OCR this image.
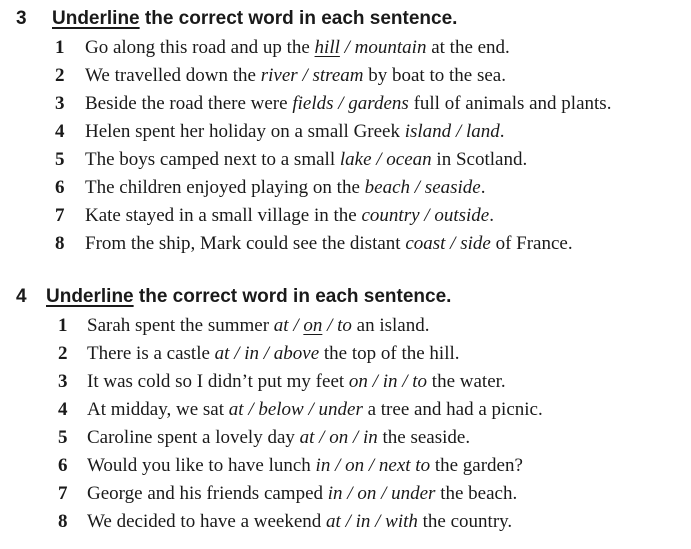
3 Underline the correct word in each sentence.
1 Go along this road and up the hill / mountain at the end.
2 We travelled down the river / stream by boat to the sea.
3 Beside the road there were fields / gardens full of animals and plants.
4 Helen spent her holiday on a small Greek island / land.
5 The boys camped next to a small lake / ocean in Scotland.
6 The children enjoyed playing on the beach / seaside.
7 Kate stayed in a small village in the country / outside.
8 From the ship, Mark could see the distant coast / side of France.
4 Underline the correct word in each sentence.
1 Sarah spent the summer at / on / to an island.
2 There is a castle at / in / above the top of the hill.
3 It was cold so I didn’t put my feet on / in / to the water.
4 At midday, we sat at / below / under a tree and had a picnic.
5 Caroline spent a lovely day at / on / in the seaside.
6 Would you like to have lunch in / on / next to the garden?
7 George and his friends camped in / on / under the beach.
8 We decided to have a weekend at / in / with the country.
